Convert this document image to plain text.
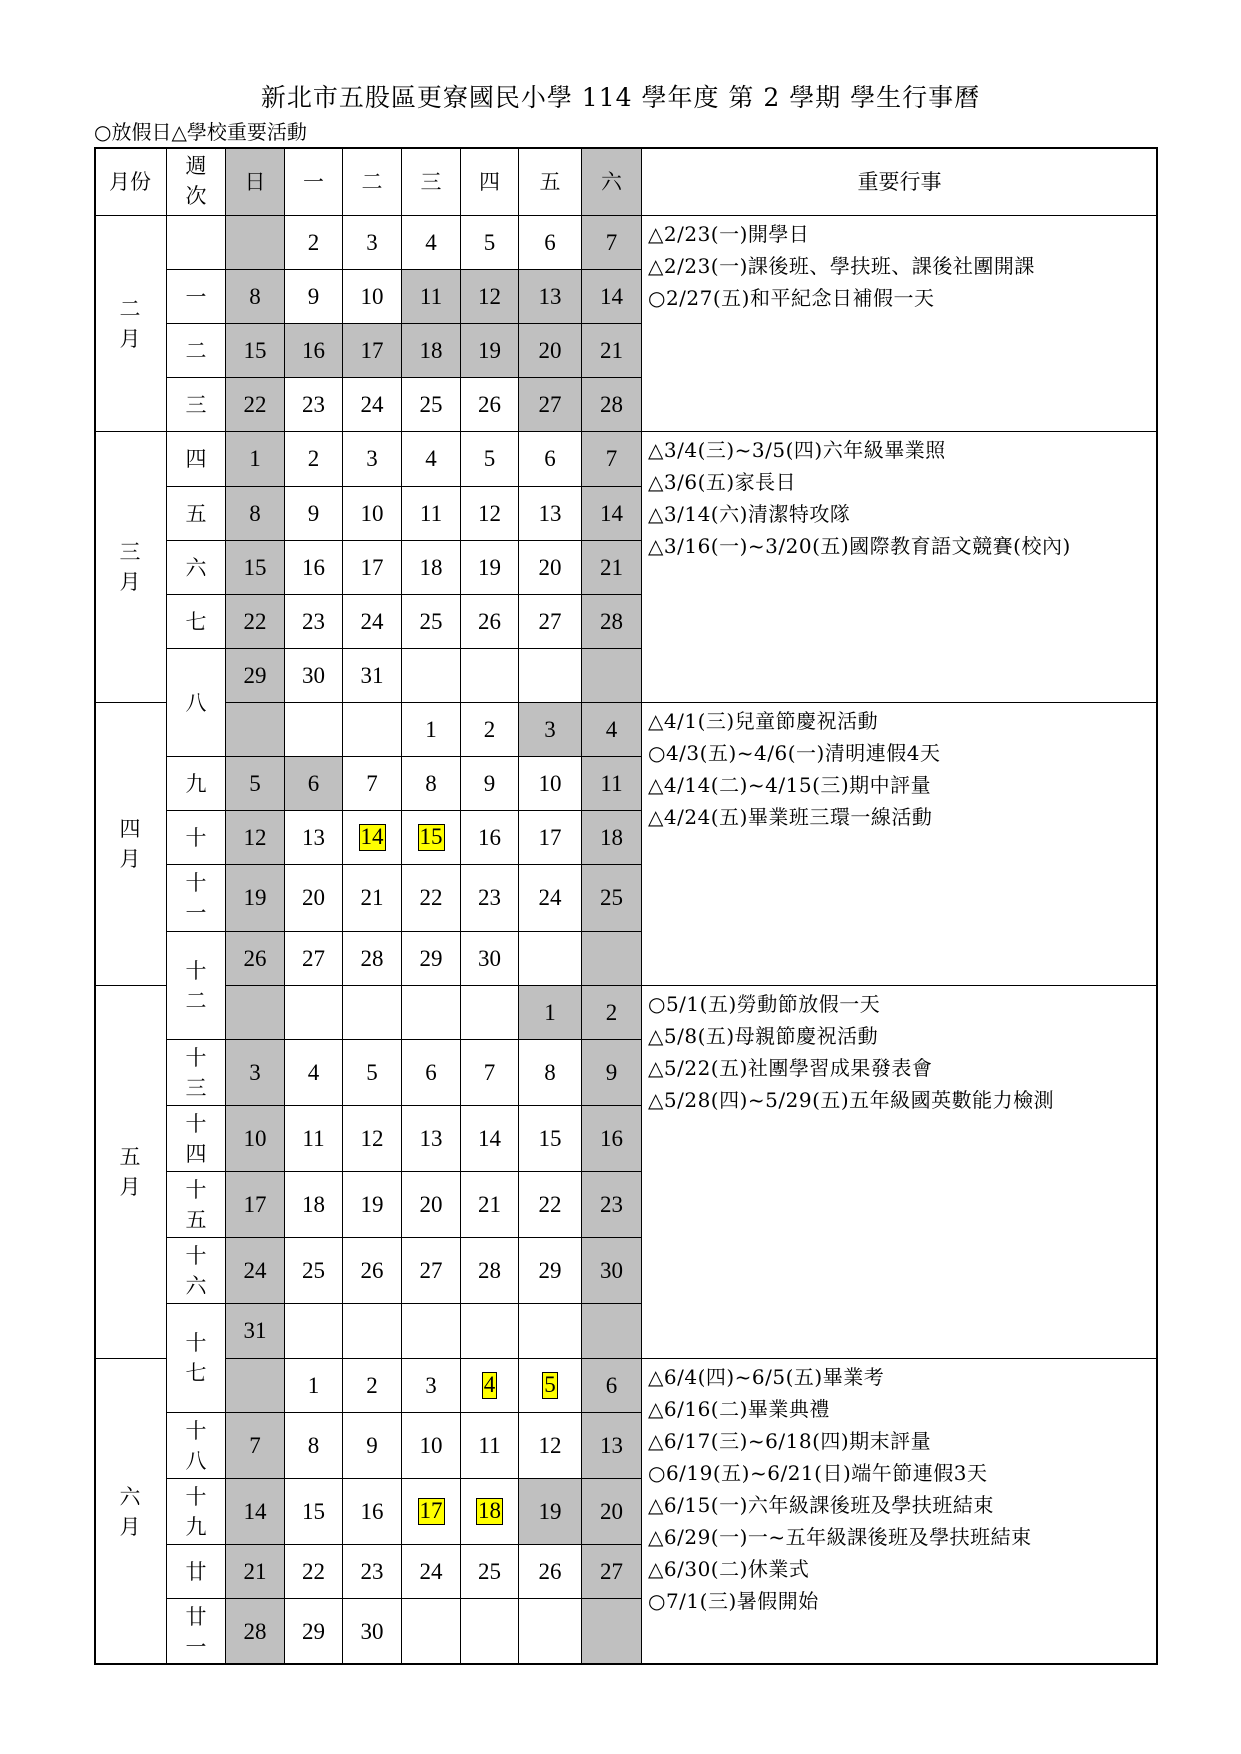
新北市五股區更寮國民小學 114 學年度 第 2 學期 學生行事曆
○放假日△學校重要活動
月份
週
次
日 一 二 三 四 五 六	重要行事
二
月
三
月
四
月
五
月
六
月
一
二
三
四
五
六
七
八
九
十
十
一
十
二
十
三
十
四
十
五
十
六
十
七
十
八
十
九
廿
廿
一
2 3 4 5 6 7
8 9 10 11 12 13 14
15 16 17 18 19 20 21
22 23 24 25 26 27 28
1 2 3 4 5 6 7
8 9 10 11 12 13 14
15 16 17 18 19 20 21
22 23 24 25 26 27 28
29 30 31
1 2 3 4
5 6 7 8 9 10 11
12 13 14 15 16 17 18
19 20 21 22 23 24 25
26 27 28 29 30
1 2
3 4 5 6 7 8 9
10 11 12 13 14 15 16
17 18 19 20 21 22 23
24 25 26 27 28 29 30
31
1 2 3 4 5 6
7 8 9 10 11 12 13
14 15 16 17 18 19 20
21 22 23 24 25 26 27
28 29 30
△2/23(一)開學日
△2/23(一)課後班、學扶班、課後社團開課
○2/27(五)和平紀念日補假一天
△3/4(三)~3/5(四)六年級畢業照
△3/6(五)家長日
△3/14(六)清潔特攻隊
△3/16(一)~3/20(五)國際教育語文競賽(校內)
△4/1(三)兒童節慶祝活動
○4/3(五)~4/6(一)清明連假4天
△4/14(二)~4/15(三)期中評量
△4/24(五)畢業班三環一線活動
○5/1(五)勞動節放假一天
△5/8(五)母親節慶祝活動
△5/22(五)社團學習成果發表會
△5/28(四)~5/29(五)五年級國英數能力檢測
△6/4(四)~6/5(五)畢業考
△6/16(二)畢業典禮
△6/17(三)~6/18(四)期末評量
○6/19(五)~6/21(日)端午節連假3天
△6/15(一)六年級課後班及學扶班結束
△6/29(一)一~五年級課後班及學扶班結束
△6/30(二)休業式
○7/1(三)暑假開始
